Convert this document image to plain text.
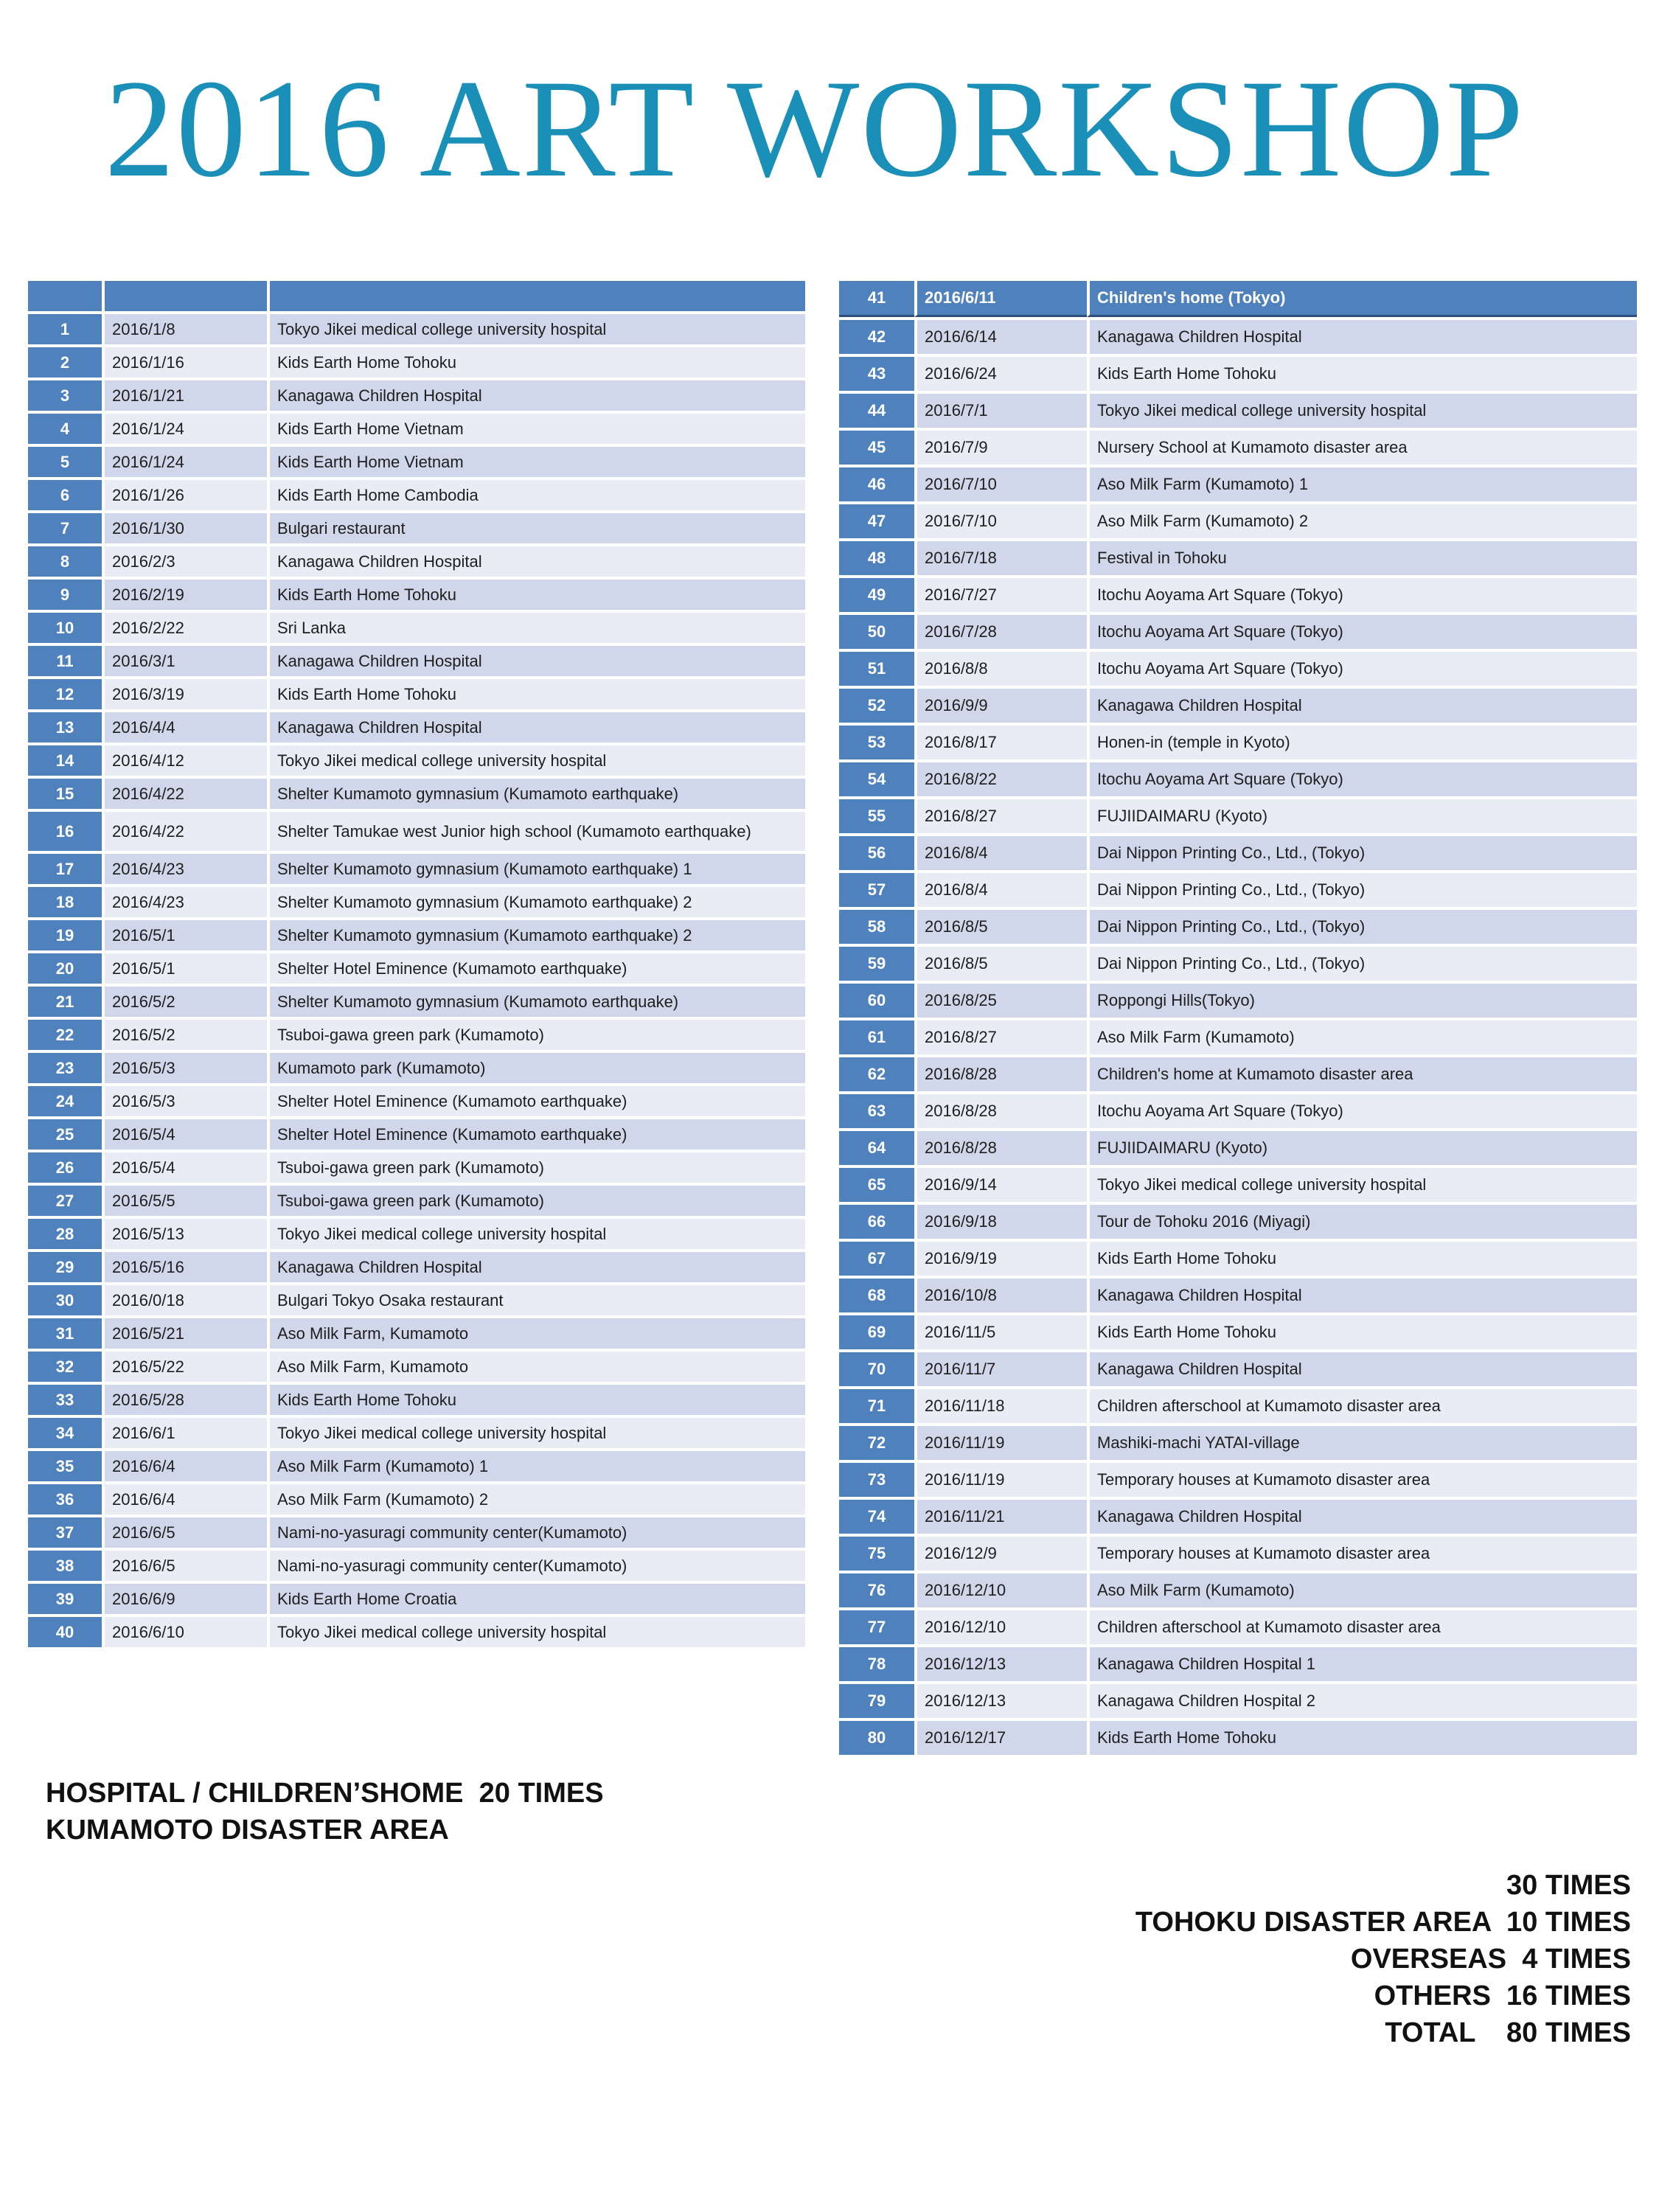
2016 ART WORKSHOP

1	2016/1/8	Tokyo Jikei medical college university hospital
2	2016/1/16	Kids Earth Home Tohoku
3	2016/1/21	Kanagawa Children Hospital
4	2016/1/24	Kids Earth Home Vietnam
5	2016/1/24	Kids Earth Home Vietnam
6	2016/1/26	Kids Earth Home Cambodia
7	2016/1/30	Bulgari restaurant
8	2016/2/3	Kanagawa Children Hospital
9	2016/2/19	Kids Earth Home Tohoku
10	2016/2/22	Sri Lanka
11	2016/3/1	Kanagawa Children Hospital
12	2016/3/19	Kids Earth Home Tohoku
13	2016/4/4	Kanagawa Children Hospital
14	2016/4/12	Tokyo Jikei medical college university hospital
15	2016/4/22	Shelter Kumamoto gymnasium (Kumamoto earthquake)
16	2016/4/22	Shelter Tamukae west Junior high school (Kumamoto earthquake)
17	2016/4/23	Shelter Kumamoto gymnasium (Kumamoto earthquake) 1
18	2016/4/23	Shelter Kumamoto gymnasium (Kumamoto earthquake) 2
19	2016/5/1	Shelter Kumamoto gymnasium (Kumamoto earthquake) 2
20	2016/5/1	Shelter Hotel Eminence (Kumamoto earthquake)
21	2016/5/2	Shelter Kumamoto gymnasium (Kumamoto earthquake)
22	2016/5/2	Tsuboi-gawa green park (Kumamoto)
23	2016/5/3	Kumamoto park (Kumamoto)
24	2016/5/3	Shelter Hotel Eminence (Kumamoto earthquake)
25	2016/5/4	Shelter Hotel Eminence (Kumamoto earthquake)
26	2016/5/4	Tsuboi-gawa green park (Kumamoto)
27	2016/5/5	Tsuboi-gawa green park (Kumamoto)
28	2016/5/13	Tokyo Jikei medical college university hospital
29	2016/5/16	Kanagawa Children Hospital
30	2016/0/18	Bulgari Tokyo Osaka restaurant
31	2016/5/21	Aso Milk Farm, Kumamoto
32	2016/5/22	Aso Milk Farm, Kumamoto
33	2016/5/28	Kids Earth Home Tohoku
34	2016/6/1	Tokyo Jikei medical college university hospital
35	2016/6/4	Aso Milk Farm (Kumamoto) 1
36	2016/6/4	Aso Milk Farm (Kumamoto) 2
37	2016/6/5	Nami-no-yasuragi community center(Kumamoto)
38	2016/6/5	Nami-no-yasuragi community center(Kumamoto)
39	2016/6/9	Kids Earth Home Croatia
40	2016/6/10	Tokyo Jikei medical college university hospital
41	2016/6/11	Children's home (Tokyo)
42	2016/6/14	Kanagawa Children Hospital
43	2016/6/24	Kids Earth Home Tohoku
44	2016/7/1	Tokyo Jikei medical college university hospital
45	2016/7/9	Nursery School at Kumamoto disaster area
46	2016/7/10	Aso Milk Farm (Kumamoto) 1
47	2016/7/10	Aso Milk Farm (Kumamoto) 2
48	2016/7/18	Festival in Tohoku
49	2016/7/27	Itochu Aoyama Art Square (Tokyo)
50	2016/7/28	Itochu Aoyama Art Square (Tokyo)
51	2016/8/8	Itochu Aoyama Art Square (Tokyo)
52	2016/9/9	Kanagawa Children Hospital
53	2016/8/17	Honen-in (temple in Kyoto)
54	2016/8/22	Itochu Aoyama Art Square (Tokyo)
55	2016/8/27	FUJIIDAIMARU (Kyoto)
56	2016/8/4	Dai Nippon Printing Co., Ltd., (Tokyo)
57	2016/8/4	Dai Nippon Printing Co., Ltd., (Tokyo)
58	2016/8/5	Dai Nippon Printing Co., Ltd., (Tokyo)
59	2016/8/5	Dai Nippon Printing Co., Ltd., (Tokyo)
60	2016/8/25	Roppongi Hills(Tokyo)
61	2016/8/27	Aso Milk Farm (Kumamoto)
62	2016/8/28	Children's home at Kumamoto disaster area
63	2016/8/28	Itochu Aoyama Art Square (Tokyo)
64	2016/8/28	FUJIIDAIMARU (Kyoto)
65	2016/9/14	Tokyo Jikei medical college university hospital
66	2016/9/18	Tour de Tohoku 2016 (Miyagi)
67	2016/9/19	Kids Earth Home Tohoku
68	2016/10/8	Kanagawa Children Hospital
69	2016/11/5	Kids Earth Home Tohoku
70	2016/11/7	Kanagawa Children Hospital
71	2016/11/18	Children afterschool at Kumamoto disaster area
72	2016/11/19	Mashiki-machi YATAI-village
73	2016/11/19	Temporary houses at Kumamoto disaster area
74	2016/11/21	Kanagawa Children Hospital
75	2016/12/9	Temporary houses at Kumamoto disaster area
76	2016/12/10	Aso Milk Farm (Kumamoto)
77	2016/12/10	Children afterschool at Kumamoto disaster area
78	2016/12/13	Kanagawa Children Hospital 1
79	2016/12/13	Kanagawa Children Hospital 2
80	2016/12/17	Kids Earth Home Tohoku
HOSPITAL / CHILDREN’SHOME  20 TIMES
KUMAMOTO DISASTER AREA
30 TIMES
TOHOKU DISASTER AREA  10 TIMES
OVERSEAS  4 TIMES
OTHERS  16 TIMES
TOTAL    80 TIMES
